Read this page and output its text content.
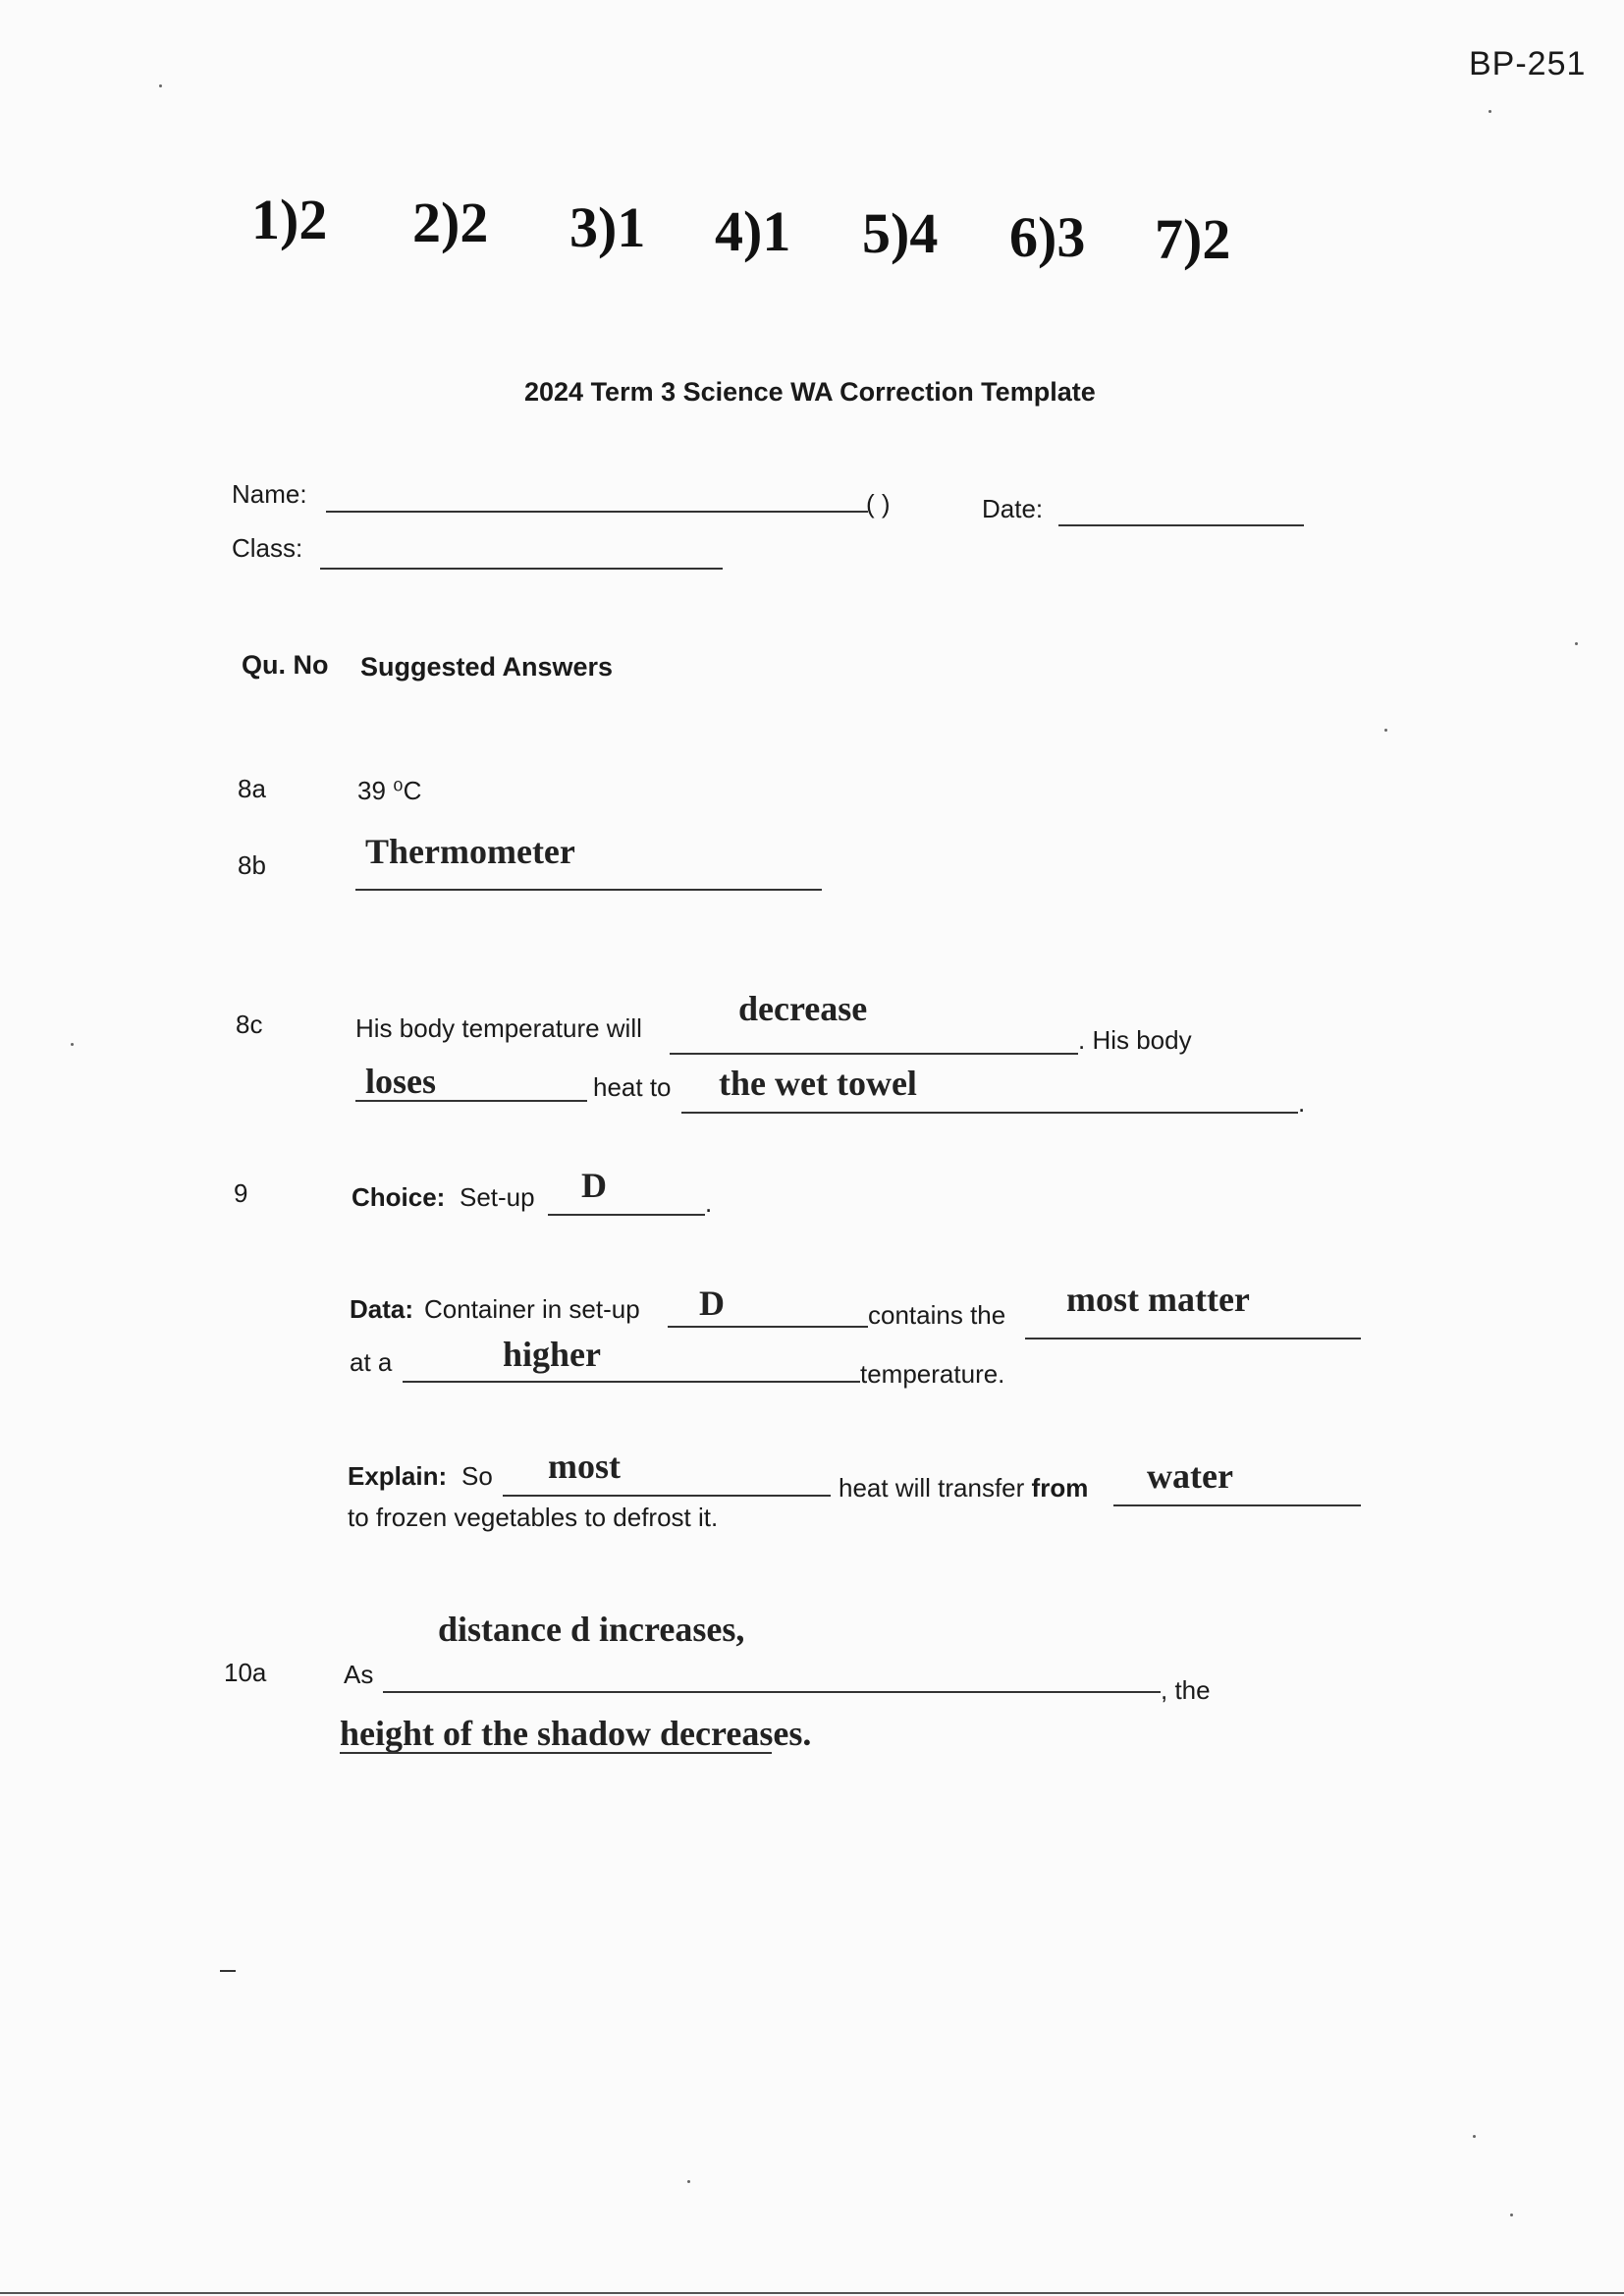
BP-251
1)2 2)2 3)1 4)1 5)4 6)3 7)2
2024 Term 3 Science WA Correction Template
Name:	( )	Date:
Class:
Qu. No Suggested Answers
8a	39 ⁰C
8b	Thermometer
8c	His body temperature will	decrease
. His body
loses	heat to the wet towel	.
9	Choice: Set-up D	.
Data: Container in set-up D	contains the most matter
at a	higher	temperature.
Explain: So most
heat will transfer from water
to frozen vegetables to defrost it.
distance d increases,
10a	As
, the
height of the shadow decreases.
